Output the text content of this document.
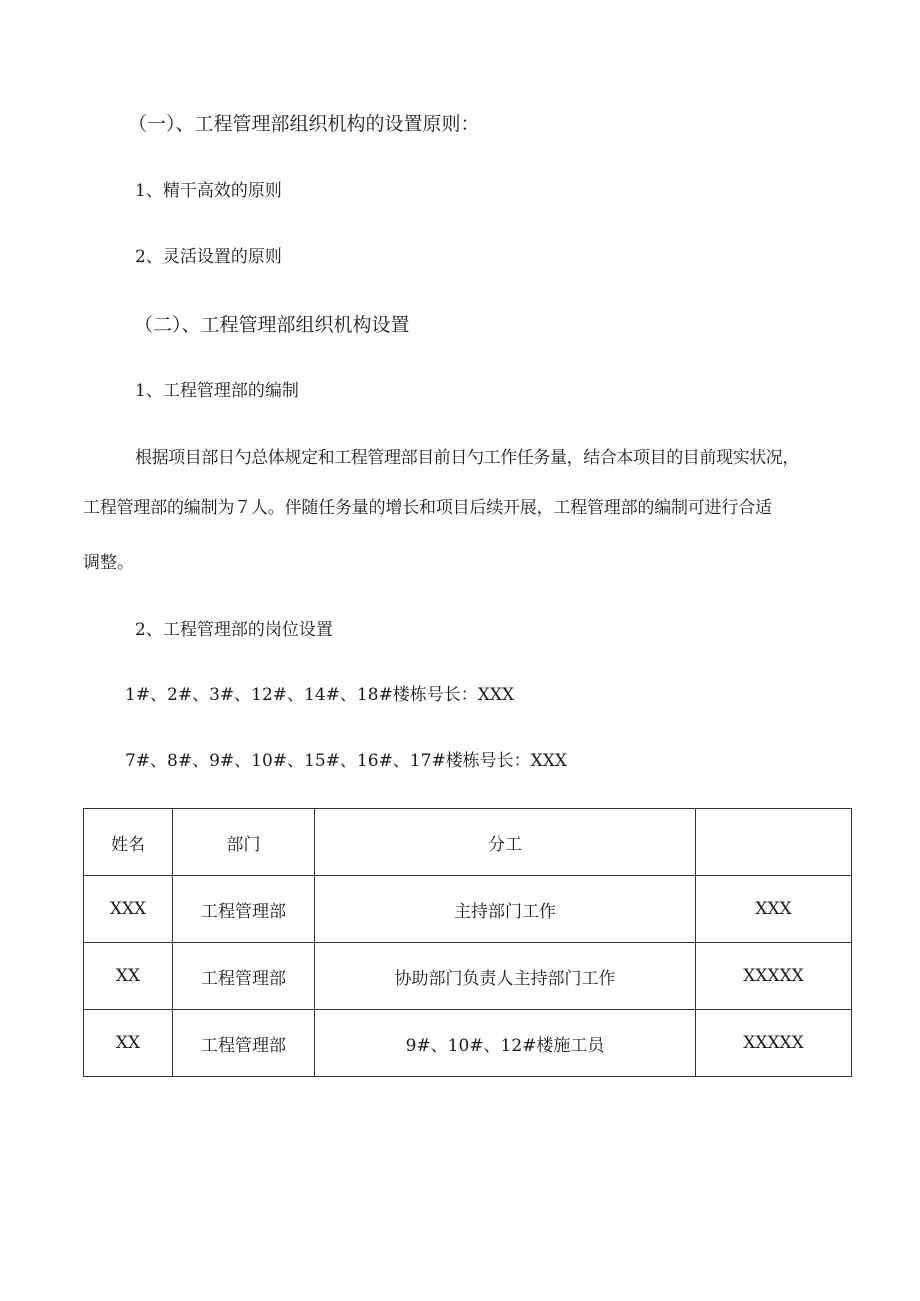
（一）、工程管理部组织机构的设置原则：
1、精干高效的原则
2、灵活设置的原则
（二）、工程管理部组织机构设置
1、工程管理部的编制
根据项目部日勺总体规定和工程管理部目前日勺工作任务量，结合本项目的目前现实状况，
工程管理部的编制为７人。伴随任务量的增长和项目后续开展，工程管理部的编制可进行合适
调整。
2、工程管理部的岗位设置
1#、2#、3#、12#、14#、18#楼栋号长：XXX
7#、8#、9#、10#、15#、16#、17#楼栋号长：XXX
姓名	部门	分工	
XXX	工程管理部	主持部门工作	XXX
XX	工程管理部	协助部门负责人主持部门工作	XXXXX
XX	工程管理部	9#、10#、12#楼施工员	XXXXX
